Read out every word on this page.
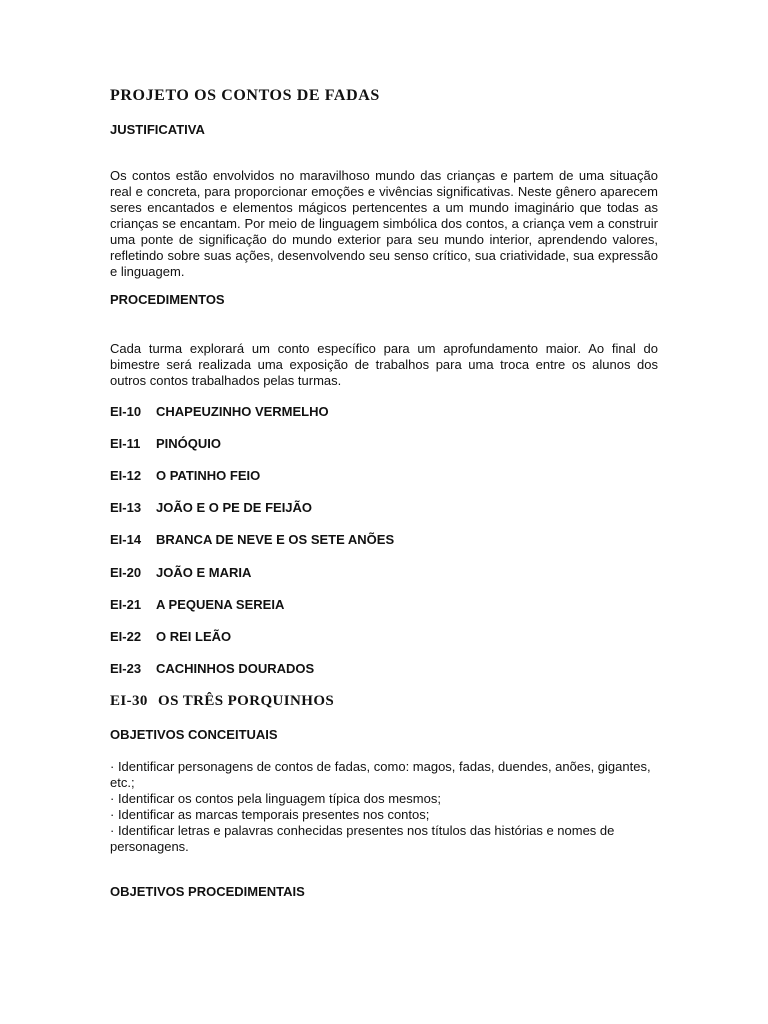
PROJETO OS CONTOS DE FADAS
JUSTIFICATIVA
Os contos estão envolvidos no maravilhoso mundo das crianças e partem de uma situação real e concreta, para proporcionar emoções e vivências significativas. Neste gênero aparecem seres encantados e elementos mágicos pertencentes a um mundo imaginário que todas as crianças se encantam. Por meio de linguagem simbólica dos contos, a criança vem a construir uma ponte de significação do mundo exterior para seu mundo interior, aprendendo valores, refletindo sobre suas ações, desenvolvendo seu senso crítico, sua criatividade, sua expressão e linguagem.
PROCEDIMENTOS
Cada turma explorará um conto específico para um aprofundamento maior. Ao final do bimestre será realizada uma exposição de trabalhos para uma troca entre os alunos dos outros contos trabalhados pelas turmas.
EI-10 CHAPEUZINHO VERMELHO
EI-11 PINÓQUIO
EI-12 O PATINHO FEIO
EI-13 JOÃO E O PE DE FEIJÃO
EI-14 BRANCA DE NEVE E OS SETE ANÕES
EI-20 JOÃO E MARIA
EI-21 A PEQUENA SEREIA
EI-22 O REI LEÃO
EI-23 CACHINHOS DOURADOS
EI-30 OS TRÊS PORQUINHOS
OBJETIVOS CONCEITUAIS
· Identificar personagens de contos de fadas, como: magos, fadas, duendes, anões, gigantes, etc.;
· Identificar os contos pela linguagem típica dos mesmos;
· Identificar as marcas temporais presentes nos contos;
· Identificar letras e palavras conhecidas presentes nos títulos das histórias e nomes de personagens.
OBJETIVOS PROCEDIMENTAIS
